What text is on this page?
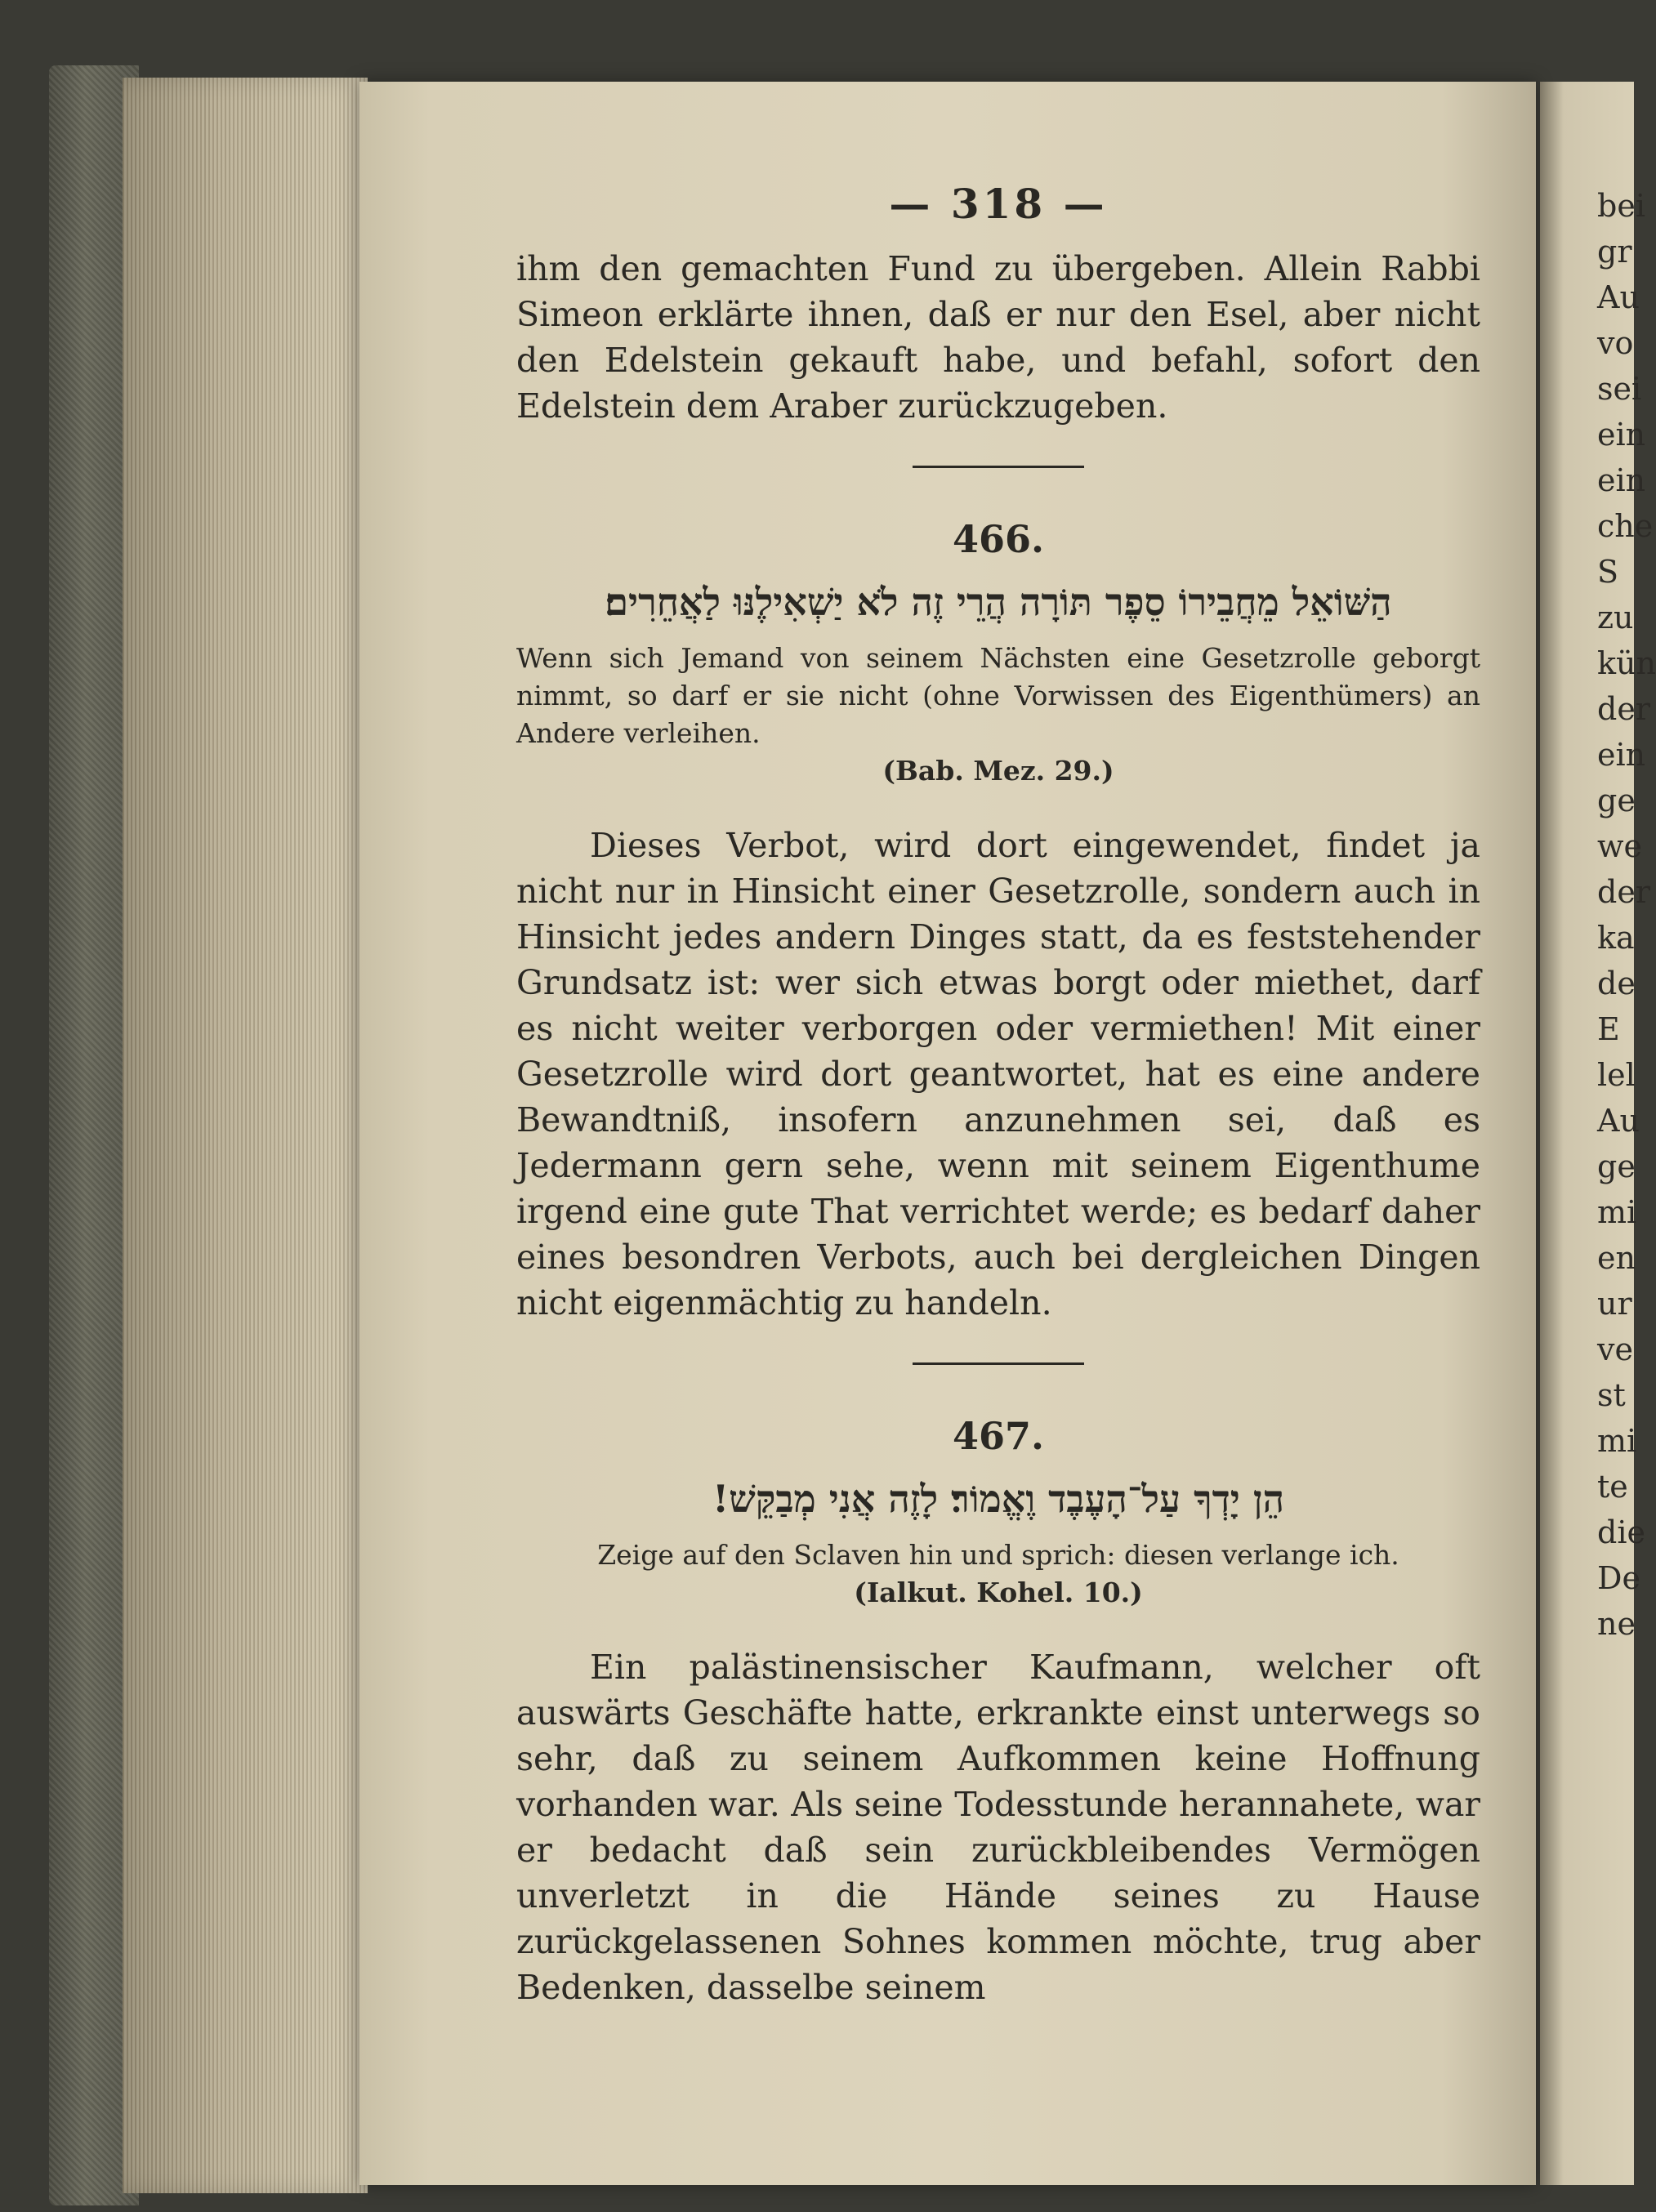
bei
gr
Au
vo
sei
ein
ein
che
S
zu
kün
der
ein
ge
we
der
ka
de
E
lel
Au
ge
mi
en
ur
ve
st
mi
te
die
De
ne
— 318 —

ihm den gemachten Fund zu übergeben. Allein Rabbi Simeon erklärte ihnen, daß er nur den Esel, aber nicht den Edelstein gekauft habe, und befahl, sofort den Edelstein dem Araber zurückzugeben.

466.
הַשּׁוֹאֵל מֵחֲבֵירוֹ סֵפֶר תּוֹרָה הֲרֵי זֶה לֹא יַשְׁאִילֶנּוּ לַאֲחֵרִים׃

Wenn sich Jemand von seinem Nächsten eine Gesetzrolle geborgt nimmt, so darf er sie nicht (ohne Vorwissen des Eigenthümers) an Andere verleihen.

(Bab. Mez. 29.)

Dieses Verbot, wird dort eingewendet, findet ja nicht nur in Hinsicht einer Gesetzrolle, sondern auch in Hinsicht jedes andern Dinges statt, da es feststehender Grundsatz ist: wer sich etwas borgt oder miethet, darf es nicht weiter verborgen oder vermiethen! Mit einer Gesetzrolle wird dort geantwortet, hat es eine andere Bewandtniß, insofern anzunehmen sei, daß es Jedermann gern sehe, wenn mit seinem Eigenthume irgend eine gute That verrichtet werde; es bedarf daher eines besondren Verbots, auch bei dergleichen Dingen nicht eigenmächtig zu handeln.

467.
הֵן יָדְךָ עַל־הָעֶבֶד וֶאֱמוֹר׃ לָזֶה אֲנִי מְבַקֵּשׁ!

Zeige auf den Sclaven hin und sprich: diesen verlange ich.

(Ialkut. Kohel. 10.)

Ein palästinensischer Kaufmann, welcher oft auswärts Geschäfte hatte, erkrankte einst unterwegs so sehr, daß zu seinem Aufkommen keine Hoffnung vorhanden war. Als seine Todesstunde herannahete, war er bedacht daß sein zurückbleibendes Vermögen unverletzt in die Hände seines zu Hause zurückgelassenen Sohnes kommen möchte, trug aber Bedenken, dasselbe seinem
